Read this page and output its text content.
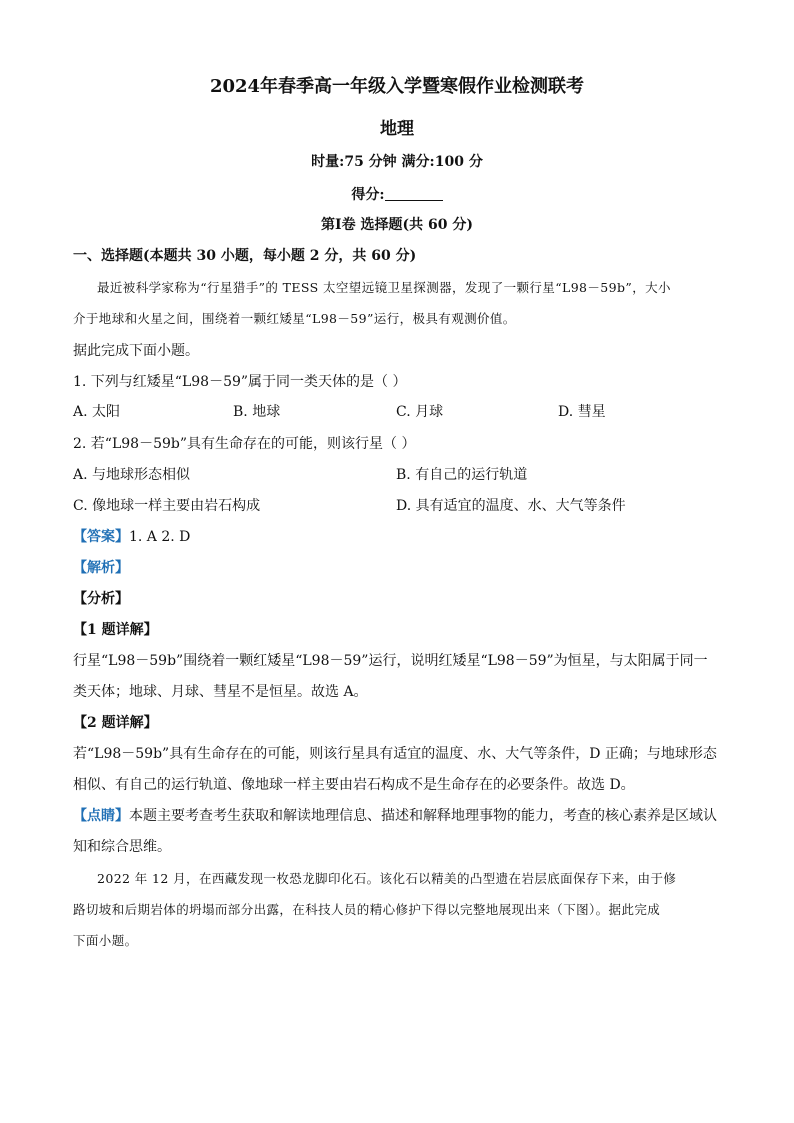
2024年春季高一年级入学暨寒假作业检测联考
地理
时量:75 分钟 满分:100 分
得分:
第Ⅰ卷 选择题(共 60 分)
一、选择题(本题共 30 小题，每小题 2 分，共 60 分)
最近被科学家称为“行星猎手”的 TESS 太空望远镜卫星探测器，发现了一颗行星“L98－59b”，大小
介于地球和火星之间，围绕着一颗红矮星“L98－59”运行，极具有观测价值。
据此完成下面小题。
1. 下列与红矮星“L98－59”属于同一类天体的是（ ）
A. 太阳	B. 地球	C. 月球	D. 彗星
2. 若“L98－59b”具有生命存在的可能，则该行星（ ）
A. 与地球形态相似	B. 有自己的运行轨道
C. 像地球一样主要由岩石构成	D. 具有适宜的温度、水、大气等条件
【答案】1. A 2. D
【解析】
【分析】
【1 题详解】
行星“L98－59b”围绕着一颗红矮星“L98－59”运行，说明红矮星“L98－59”为恒星，与太阳属于同一
类天体；地球、月球、彗星不是恒星。故选 A。
【2 题详解】
若“L98－59b”具有生命存在的可能，则该行星具有适宜的温度、水、大气等条件，D 正确；与地球形态
相似、有自己的运行轨道、像地球一样主要由岩石构成不是生命存在的必要条件。故选 D。
【点睛】本题主要考查考生获取和解读地理信息、描述和解释地理事物的能力，考查的核心素养是区域认
知和综合思维。
2022 年 12 月，在西藏发现一枚恐龙脚印化石。该化石以精美的凸型遗在岩层底面保存下来，由于修
路切坡和后期岩体的坍塌而部分出露，在科技人员的精心修护下得以完整地展现出来（下图）。据此完成
下面小题。
